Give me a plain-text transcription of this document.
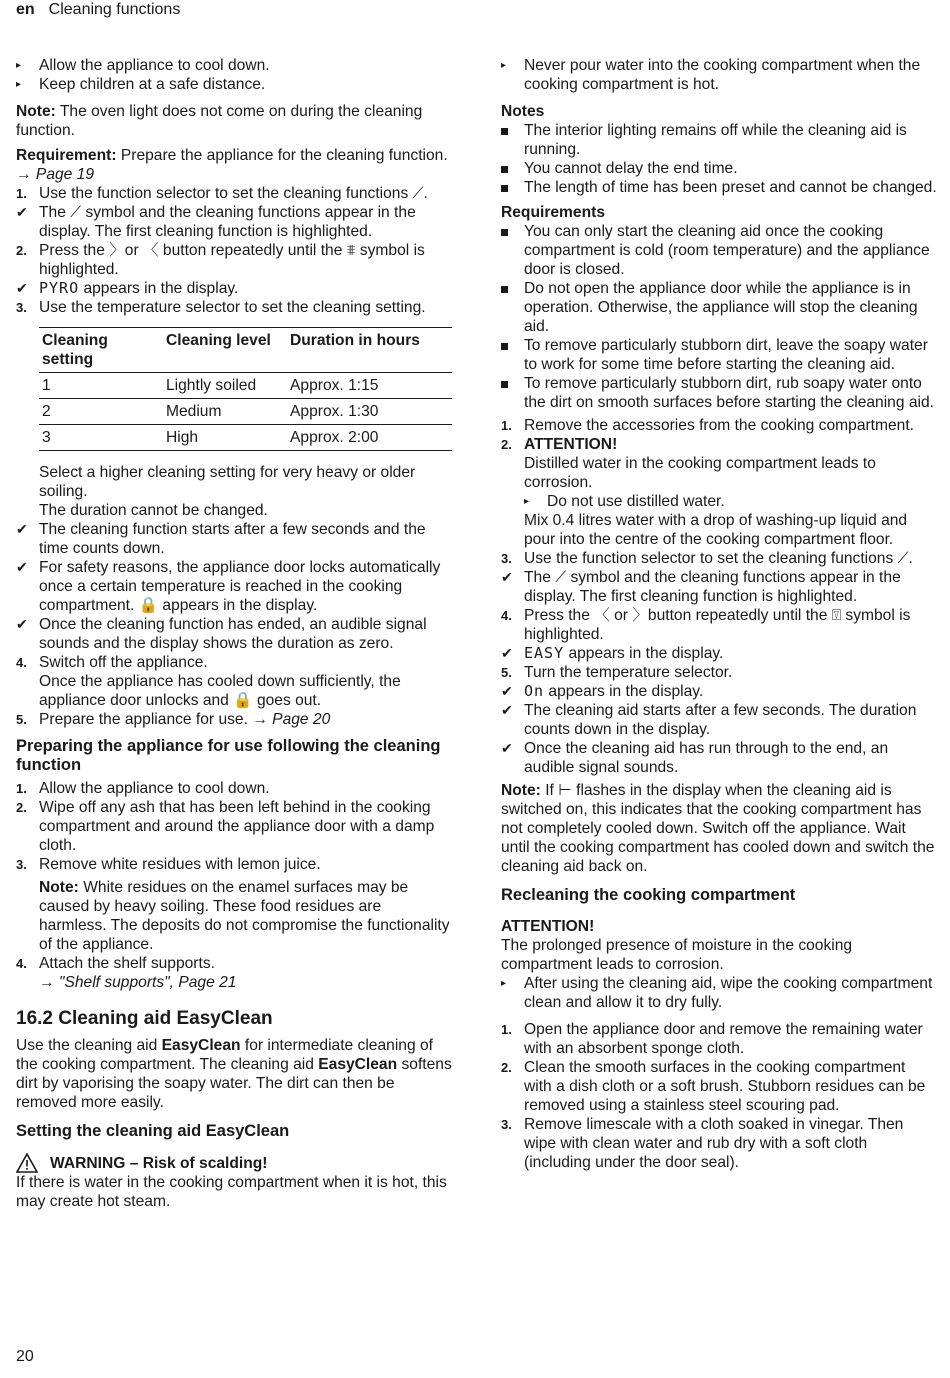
en Cleaning functions
▸	Allow the appliance to cool down.
▸	Keep children at a safe distance.

Note: The oven light does not come on during the cleaning function.

Requirement: Prepare the appliance for the cleaning function. → Page 19

1. Use the function selector to set the cleaning functions ⟋.
✔ The ⟋ symbol and the cleaning functions appear in the display. The first cleaning function is highlighted.
2. Press the 〉or 〈 button repeatedly until the ⩨ symbol is highlighted.
✔ PYRO appears in the display.
3. Use the temperature selector to set the cleaning setting.
Cleaning setting	Cleaning level	Duration in hours
1	Lightly soiled	Approx. 1:15
2	Medium	Approx. 1:30
3	High	Approx. 2:00

Select a higher cleaning setting for very heavy or older soiling.

The duration cannot be changed.

✔ The cleaning function starts after a few seconds and the time counts down.
✔ For safety reasons, the appliance door locks automatically once a certain temperature is reached in the cooking compartment. 🔒 appears in the display.
✔ Once the cleaning function has ended, an audible signal sounds and the display shows the duration as zero.
4. Switch off the appliance.

Once the appliance has cooled down sufficiently, the appliance door unlocks and 🔒 goes out.

5. Prepare the appliance for use. → Page 20
Preparing the appliance for use following the cleaning function
1. Allow the appliance to cool down.
2. Wipe off any ash that has been left behind in the cooking compartment and around the appliance door with a damp cloth.
3. Remove white residues with lemon juice.

Note: White residues on the enamel surfaces may be caused by heavy soiling. These food residues are harmless. The deposits do not compromise the functionality of the appliance.

4. Attach the shelf supports.

→ "Shelf supports", Page 21

16.2 Cleaning aid EasyClean

Use the cleaning aid EasyClean for intermediate cleaning of the cooking compartment. The cleaning aid EasyClean softens dirt by vaporising the soapy water. The dirt can then be removed more easily.

Setting the cleaning aid EasyClean
WARNING – Risk of scalding!

If there is water in the cooking compartment when it is hot, this may create hot steam.

▸	Never pour water into the cooking compartment when the cooking compartment is hot.

Notes

The interior lighting remains off while the cleaning aid is running.
You cannot delay the end time.
The length of time has been preset and cannot be changed.

Requirements

You can only start the cleaning aid once the cooking compartment is cold (room temperature) and the appliance door is closed.
Do not open the appliance door while the appliance is in operation. Otherwise, the appliance will stop the cleaning aid.
To remove particularly stubborn dirt, leave the soapy water to work for some time before starting the cleaning aid.
To remove particularly stubborn dirt, rub soapy water onto the dirt on smooth surfaces before starting the cleaning aid.
1. Remove the accessories from the cooking compartment.
2. ATTENTION!

Distilled water in the cooking compartment leads to corrosion.

▸	Do not use distilled water.

Mix 0.4 litres water with a drop of washing-up liquid and pour into the centre of the cooking compartment floor.

3. Use the function selector to set the cleaning functions ⟋.
✔ The ⟋ symbol and the cleaning functions appear in the display. The first cleaning function is highlighted.
4. Press the 〈 or 〉button repeatedly until the ⍔ symbol is highlighted.
✔ EASY appears in the display.
5. Turn the temperature selector.
✔ On appears in the display.
✔ The cleaning aid starts after a few seconds. The duration counts down in the display.
✔ Once the cleaning aid has run through to the end, an audible signal sounds.

Note: If ⊢ flashes in the display when the cleaning aid is switched on, this indicates that the cooking compartment has not completely cooled down. Switch off the appliance. Wait until the cooking compartment has cooled down and switch the cleaning aid back on.

Recleaning the cooking compartment

ATTENTION!

The prolonged presence of moisture in the cooking compartment leads to corrosion.

▸	After using the cleaning aid, wipe the cooking compartment clean and allow it to dry fully.
1. Open the appliance door and remove the remaining water with an absorbent sponge cloth.
2. Clean the smooth surfaces in the cooking compartment with a dish cloth or a soft brush. Stubborn residues can be removed using a stainless steel scouring pad.
3. Remove limescale with a cloth soaked in vinegar. Then wipe with clean water and rub dry with a soft cloth (including under the door seal).
20
